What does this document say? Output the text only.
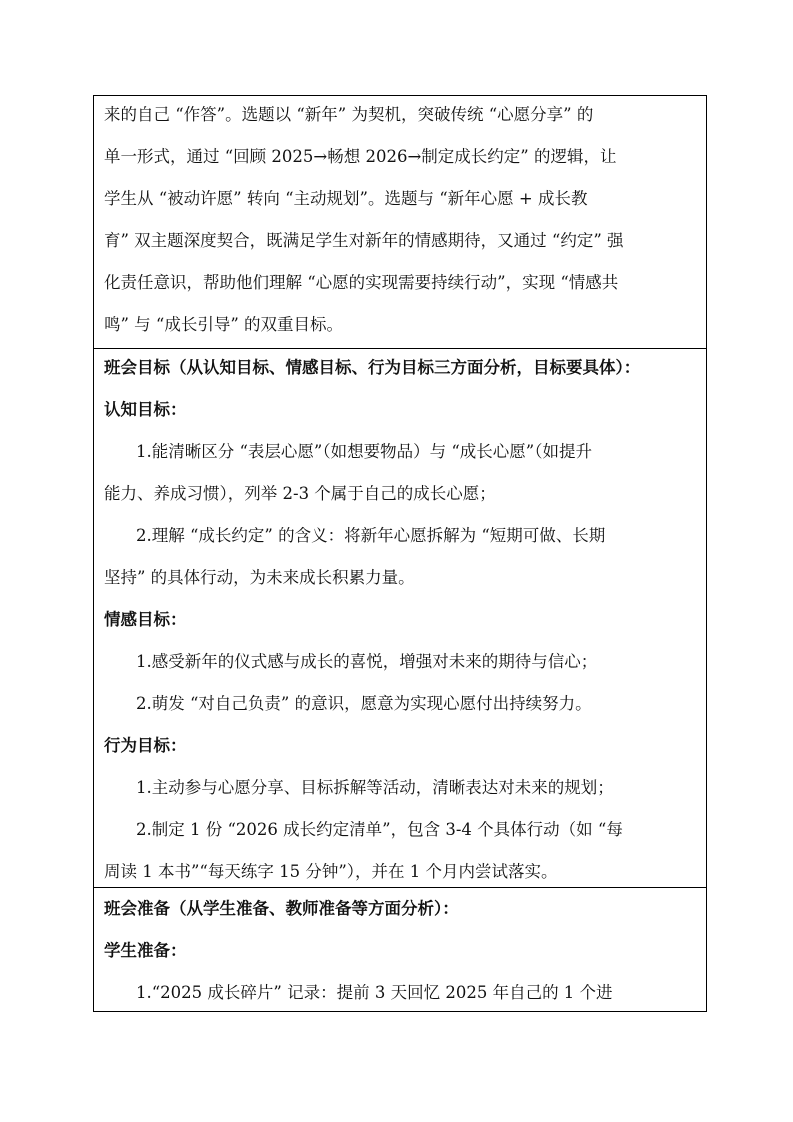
来的自己 “作答”。选题以 “新年” 为契机，突破传统 “心愿分享” 的
单一形式，通过 “回顾 2025→畅想 2026→制定成长约定” 的逻辑，让
学生从 “被动许愿” 转向 “主动规划”。选题与 “新年心愿 + 成长教
育” 双主题深度契合，既满足学生对新年的情感期待，又通过 “约定” 强
化责任意识，帮助他们理解 “心愿的实现需要持续行动”，实现 “情感共
鸣” 与 “成长引导” 的双重目标。
班会目标（从认知目标、情感目标、行为目标三方面分析，目标要具体）：
认知目标：
1.能清晰区分 “表层心愿”（如想要物品）与 “成长心愿”（如提升
能力、养成习惯），列举 2-3 个属于自己的成长心愿；
2.理解 “成长约定” 的含义：将新年心愿拆解为 “短期可做、长期
坚持” 的具体行动，为未来成长积累力量。
情感目标：
1.感受新年的仪式感与成长的喜悦，增强对未来的期待与信心；
2.萌发 “对自己负责” 的意识，愿意为实现心愿付出持续努力。
行为目标：
1.主动参与心愿分享、目标拆解等活动，清晰表达对未来的规划；
2.制定 1 份 “2026 成长约定清单”，包含 3-4 个具体行动（如 “每
周读 1 本书”“每天练字 15 分钟”），并在 1 个月内尝试落实。
班会准备（从学生准备、教师准备等方面分析）：
学生准备：
1.“2025 成长碎片” 记录：提前 3 天回忆 2025 年自己的 1 个进
